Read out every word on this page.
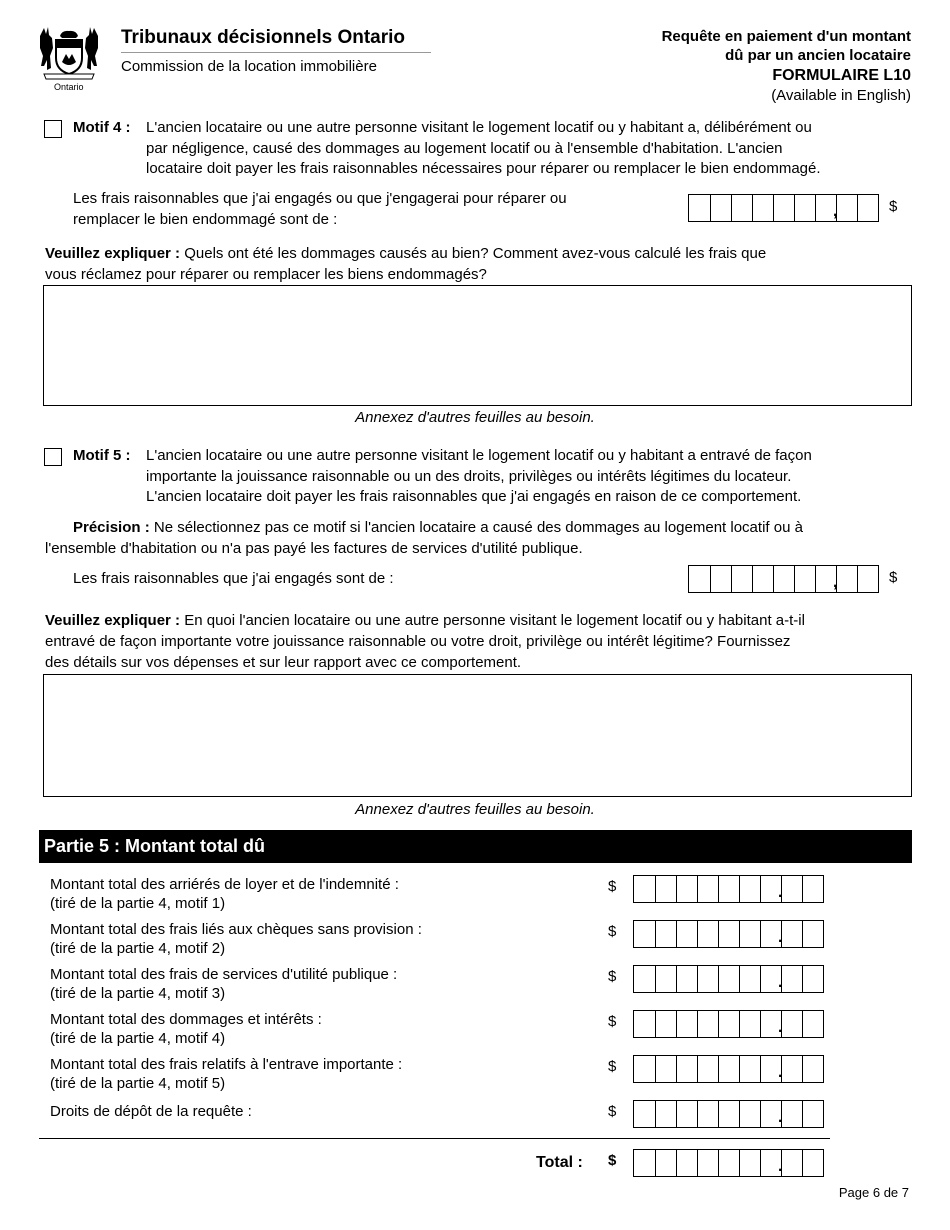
Ontario
Tribunaux décisionnels Ontario
Commission de la location immobilière
Requête en paiement d'un montant
dû par un ancien locataire
FORMULAIRE L10
(Available in English)
Motif 4 : L'ancien locataire ou une autre personne visitant le logement locatif ou y habitant a, délibérément ou
par négligence, causé des dommages au logement locatif ou à l'ensemble d'habitation. L'ancien
locataire doit payer les frais raisonnables nécessaires pour réparer ou remplacer le bien endommagé.
Les frais raisonnables que j'ai engagés ou que j'engagerai pour réparer ou
remplacer le bien endommagé sont de :	,	$
Veuillez expliquer : Quels ont été les dommages causés au bien? Comment avez-vous calculé les frais que
vous réclamez pour réparer ou remplacer les biens endommagés?
Annexez d'autres feuilles au besoin.
Motif 5 : L'ancien locataire ou une autre personne visitant le logement locatif ou y habitant a entravé de façon
importante la jouissance raisonnable ou un des droits, privilèges ou intérêts légitimes du locateur.
L'ancien locataire doit payer les frais raisonnables que j'ai engagés en raison de ce comportement.
Précision : Ne sélectionnez pas ce motif si l'ancien locataire a causé des dommages au logement locatif ou à
l'ensemble d'habitation ou n'a pas payé les factures de services d'utilité publique.
Les frais raisonnables que j'ai engagés sont de :	,	$
Veuillez expliquer : En quoi l'ancien locataire ou une autre personne visitant le logement locatif ou y habitant a-t-il
entravé de façon importante votre jouissance raisonnable ou votre droit, privilège ou intérêt légitime? Fournissez
des détails sur vos dépenses et sur leur rapport avec ce comportement.
Annexez d'autres feuilles au besoin.
Partie 5 : Montant total dû
Montant total des arriérés de loyer et de l'indemnité :
(tiré de la partie 4, motif 1)
$	.
Montant total des frais liés aux chèques sans provision :
(tiré de la partie 4, motif 2)
$	.
Montant total des frais de services d'utilité publique :
(tiré de la partie 4, motif 3)
$	.
Montant total des dommages et intérêts :
(tiré de la partie 4, motif 4)
$	.
Montant total des frais relatifs à l'entrave importante :
(tiré de la partie 4, motif 5)
$	.
Droits de dépôt de la requête :	$	.
Total : $	.
Page 6 de 7
